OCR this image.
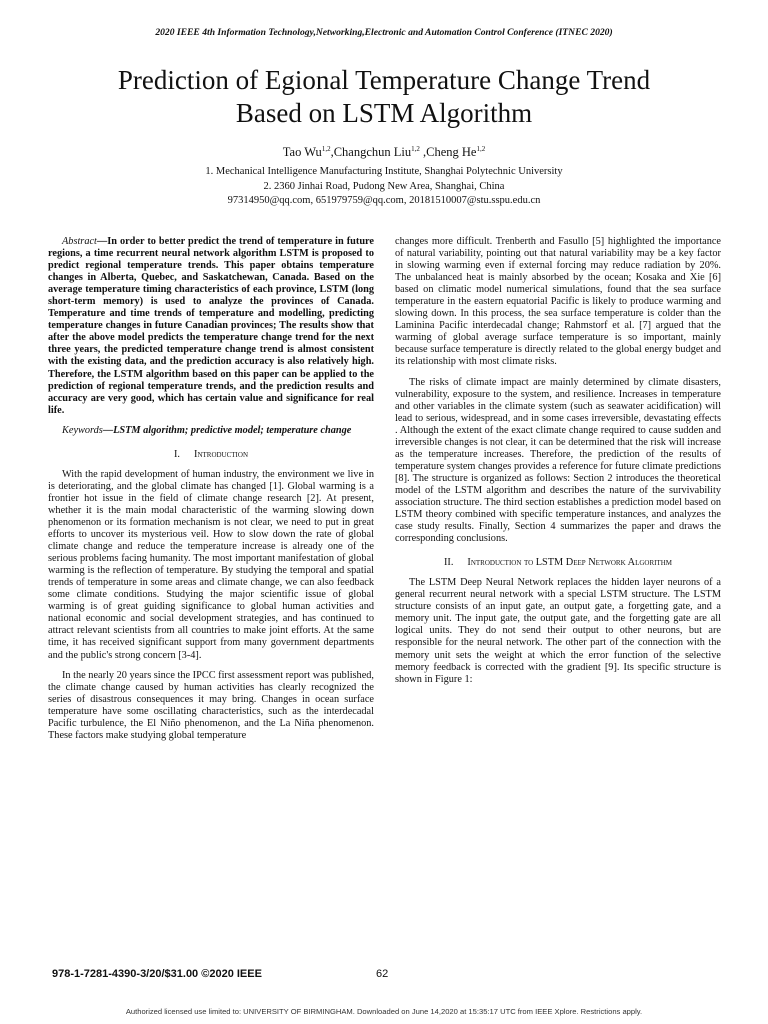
2020 IEEE 4th Information Technology,Networking,Electronic and Automation Control Conference (ITNEC 2020)
Prediction of Egional Temperature Change Trend
Based on LSTM Algorithm
Tao Wu$^{1,2}$,Changchun Liu$^{1,2}$ ,Cheng He$^{1,2}$
1. Mechanical Intelligence Manufacturing Institute, Shanghai Polytechnic University
2. 2360 Jinhai Road, Pudong New Area, Shanghai, China
97314950@qq.com, 651979759@qq.com, 20181510007@stu.sspu.edu.cn

Abstract—In order to better predict the trend of temperature in future regions, a time recurrent neural network algorithm LSTM is proposed to predict regional temperature trends. This paper obtains temperature changes in Alberta, Quebec, and Saskatchewan, Canada. Based on the average temperature timing characteristics of each province, LSTM (long short-term memory) is used to analyze the provinces of Canada. Temperature and time trends of temperature and modelling, predicting temperature changes in future Canadian provinces; The results show that after the above model predicts the temperature change trend for the next three years, the predicted temperature change trend is almost consistent with the existing data, and the prediction accuracy is also relatively high. Therefore, the LSTM algorithm based on this paper can be applied to the prediction of regional temperature trends, and the prediction results and accuracy are very good, which has certain value and significance for real life.

Keywords—LSTM algorithm; predictive model; temperature change

I. Introduction

With the rapid development of human industry, the environment we live in is deteriorating, and the global climate has changed [1]. Global warming is a frontier hot issue in the field of climate change research [2]. At present, whether it is the main modal characteristic of the warming slowing down phenomenon or its formation mechanism is not clear, we need to put in great efforts to uncover its mysterious veil. How to slow down the rate of global climate change and reduce the temperature increase is already one of the serious problems facing humanity. The most important manifestation of global warming is the reflection of temperature. By studying the temporal and spatial trends of temperature in some areas and climate change, we can also feedback some climate conditions. Studying the major scientific issue of global warming is of great guiding significance to global human activities and national economic and social development strategies, and has continued to attract relevant scientists from all countries to make joint efforts. At the same time, it has received significant support from many government departments and the public's strong concern [3-4].

In the nearly 20 years since the IPCC first assessment report was published, the climate change caused by human activities has clearly recognized the series of disastrous consequences it may bring. Changes in ocean surface temperature have some oscillating characteristics, such as the interdecadal Pacific turbulence, the El Niño phenomenon, and the La Niña phenomenon. These factors make studying global temperature

changes more difficult. Trenberth and Fasullo [5] highlighted the importance of natural variability, pointing out that natural variability may be a key factor in slowing warming even if external forcing may reduce radiation by 20%. The unbalanced heat is mainly absorbed by the ocean; Kosaka and Xie [6] based on climatic model numerical simulations, found that the sea surface temperature in the eastern equatorial Pacific is likely to produce warming and slowing down. In this process, the sea surface temperature is colder than the Laminina Pacific interdecadal change; Rahmstorf et al. [7] argued that the warming of global average surface temperature is so important, mainly because surface temperature is directly related to the global energy budget and its relationship with most climate risks.

The risks of climate impact are mainly determined by climate disasters, vulnerability, exposure to the system, and resilience. Increases in temperature and other variables in the climate system (such as seawater acidification) will lead to serious, widespread, and in some cases irreversible, devastating effects . Although the extent of the exact climate change required to cause sudden and irreversible changes is not clear, it can be determined that the risk will increase as the temperature increases. Therefore, the prediction of the results of temperature system changes provides a reference for future climate predictions [8]. The structure is organized as follows: Section 2 introduces the theoretical model of the LSTM algorithm and describes the nature of the survivability association structure. The third section establishes a prediction model based on LSTM theory combined with specific temperature instances, and analyzes the case study results. Finally, Section 4 summarizes the paper and draws the corresponding conclusions.

II. Introduction to LSTM Deep Network Algorithm

The LSTM Deep Neural Network replaces the hidden layer neurons of a general recurrent neural network with a special LSTM structure. The LSTM structure consists of an input gate, an output gate, a forgetting gate, and a memory unit. The input gate, the output gate, and the forgetting gate are all logical units. They do not send their output to other neurons, but are responsible for the neural network. The other part of the connection with the memory unit sets the weight at which the error function of the selective memory feedback is corrected with the gradient [9]. Its specific structure is shown in Figure 1:

978-1-7281-4390-3/20/$31.00 ©2020 IEEE	62
Authorized licensed use limited to: UNIVERSITY OF BIRMINGHAM. Downloaded on June 14,2020 at 15:35:17 UTC from IEEE Xplore. Restrictions apply.
